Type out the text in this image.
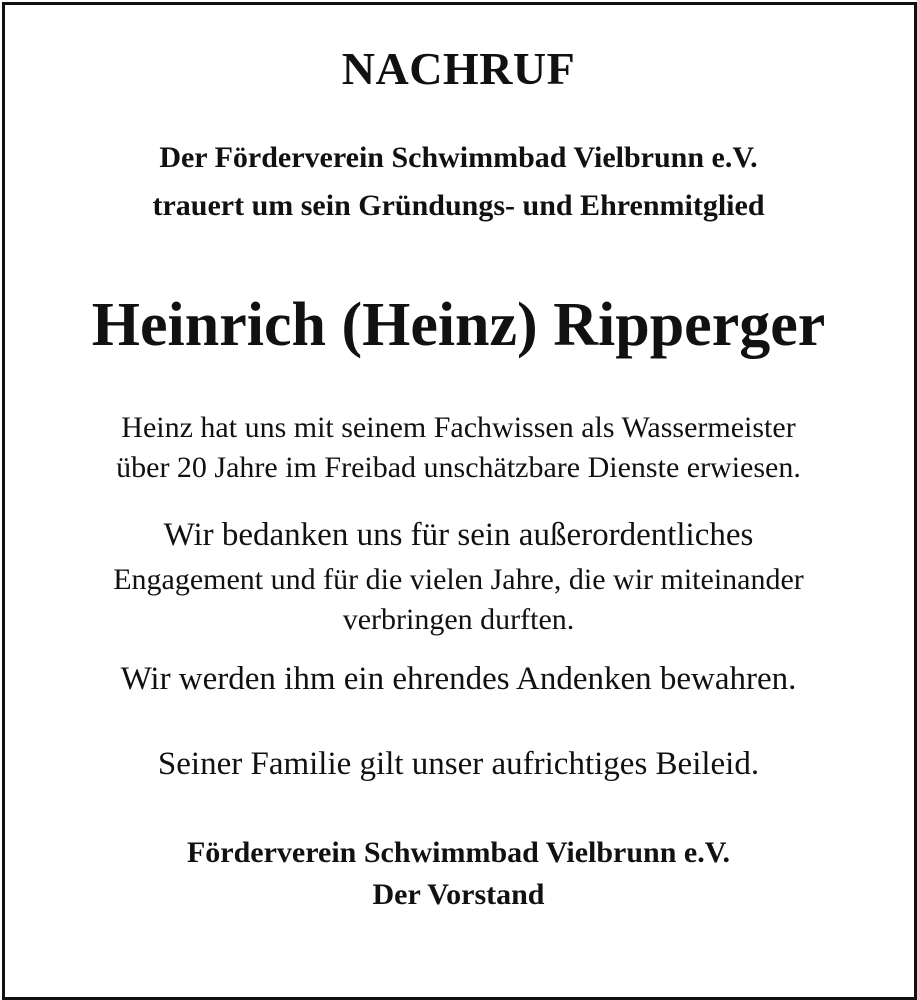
NACHRUF
Der Förderverein Schwimmbad Vielbrunn e.V.
trauert um sein Gründungs- und Ehrenmitglied
Heinrich (Heinz) Ripperger
Heinz hat uns mit seinem Fachwissen als Wassermeister
über 20 Jahre im Freibad unschätzbare Dienste erwiesen.
Wir bedanken uns für sein außerordentliches
Engagement und für die vielen Jahre, die wir miteinander
verbringen durften.
Wir werden ihm ein ehrendes Andenken bewahren.
Seiner Familie gilt unser aufrichtiges Beileid.
Förderverein Schwimmbad Vielbrunn e.V.
Der Vorstand
